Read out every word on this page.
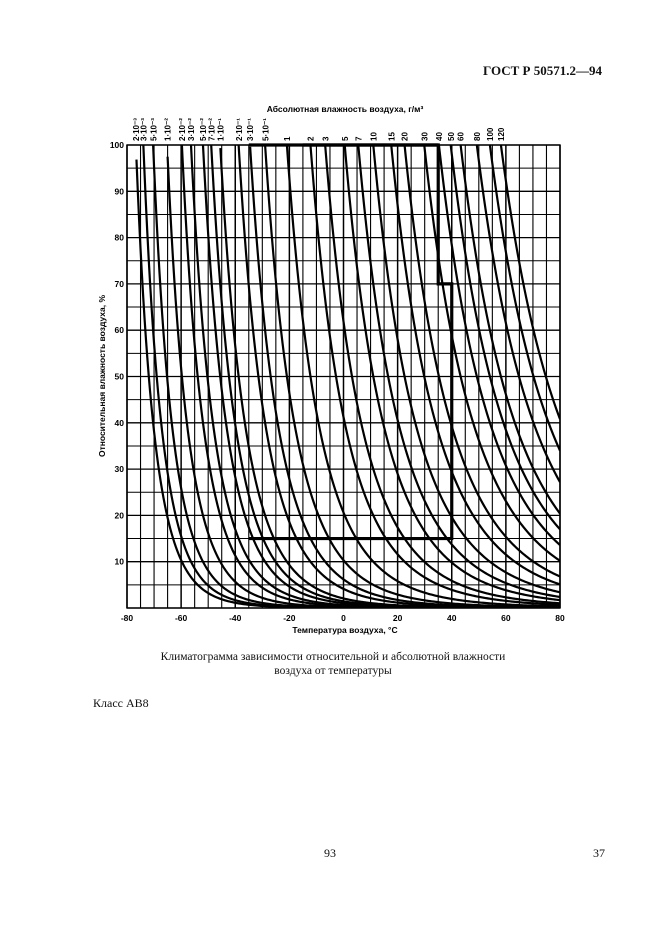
ГОСТ Р 50571.2—94
-80	-60	-40	-20	0	20	40	60	80
10
20
30
40
50
60
70
80
90
100
2·10⁻³
3·10⁻³ 5·10⁻³ 1·10⁻² 2·10⁻² 3·10⁻² 5·10⁻² 7·10⁻² 1·10⁻¹ 2·10⁻¹ 3·10⁻¹ 5·10⁻¹ 1 2 3 5 7 10 15 20 30 40 50 60 80 100 120
Абсолютная влажность воздуха, г/м³
Температура воздуха, °С
Относительная влажность воздуха, %
Климатограмма зависимости относительной и абсолютной влажности
воздуха от температуры
Класс AB8
93	37
